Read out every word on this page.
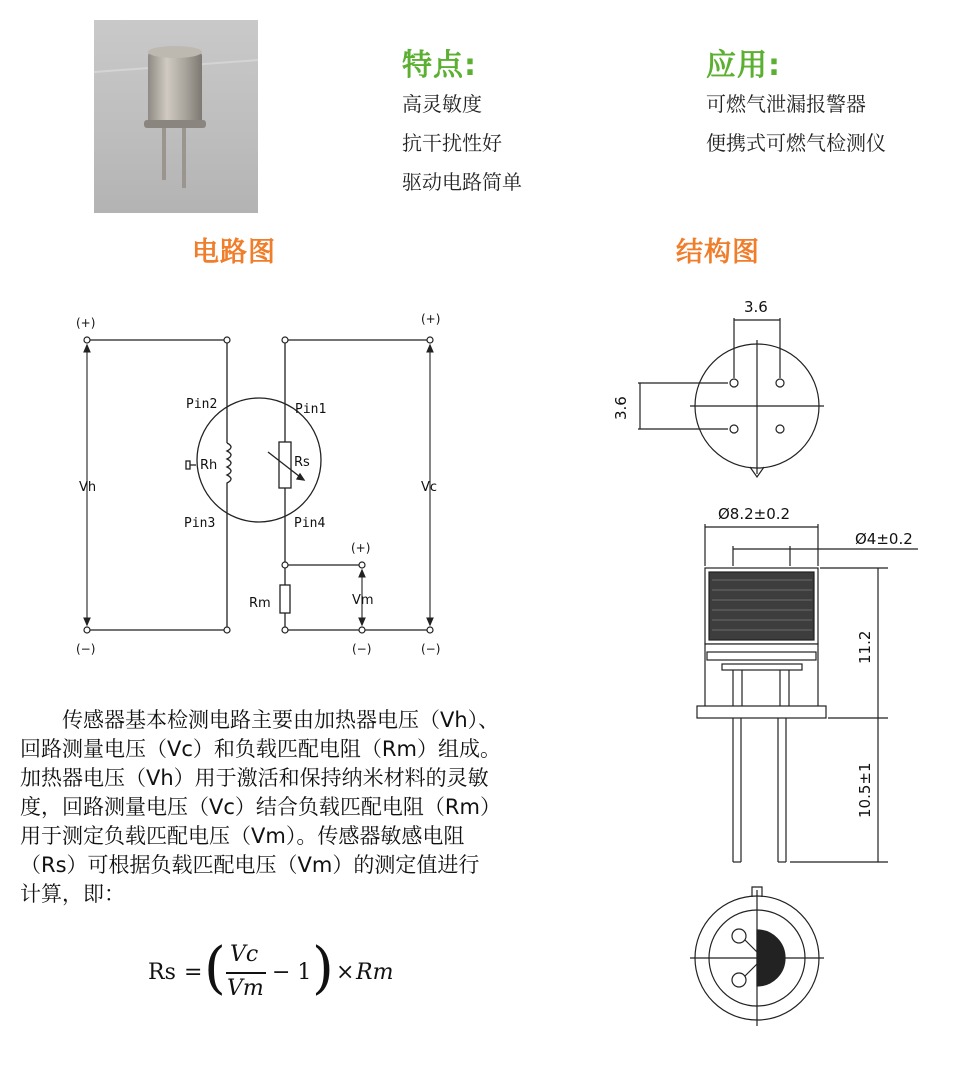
特点:
高灵敏度
抗干扰性好
驱动电路简单
应用:
可燃气泄漏报警器
便携式可燃气检测仪
电路图	结构图
(+)	(+)
(+)
(−)	(−)
(−)
Pin1
Pin2
Pin3	Pin4
Vh	Vc
Vm
Rh	Rs
Rm
3.6
3.6
Ø8.2±0.2
Ø4±0.2
11.2
10.5±1
传感器基本检测电路主要由加热器电压（Vh）、
回路测量电压（Vc）和负载匹配电阻（Rm）组成。
加热器电压（Vh）用于激活和保持纳米材料的灵敏
度，回路测量电压（Vc）结合负载匹配电阻（Rm）
用于测定负载匹配电压（Vm）。传感器敏感电阻
（Rs）可根据负载匹配电压（Vm）的测定值进行
计算，即：
Rs = ( Vc
Vm
− 1 ) × Rm
